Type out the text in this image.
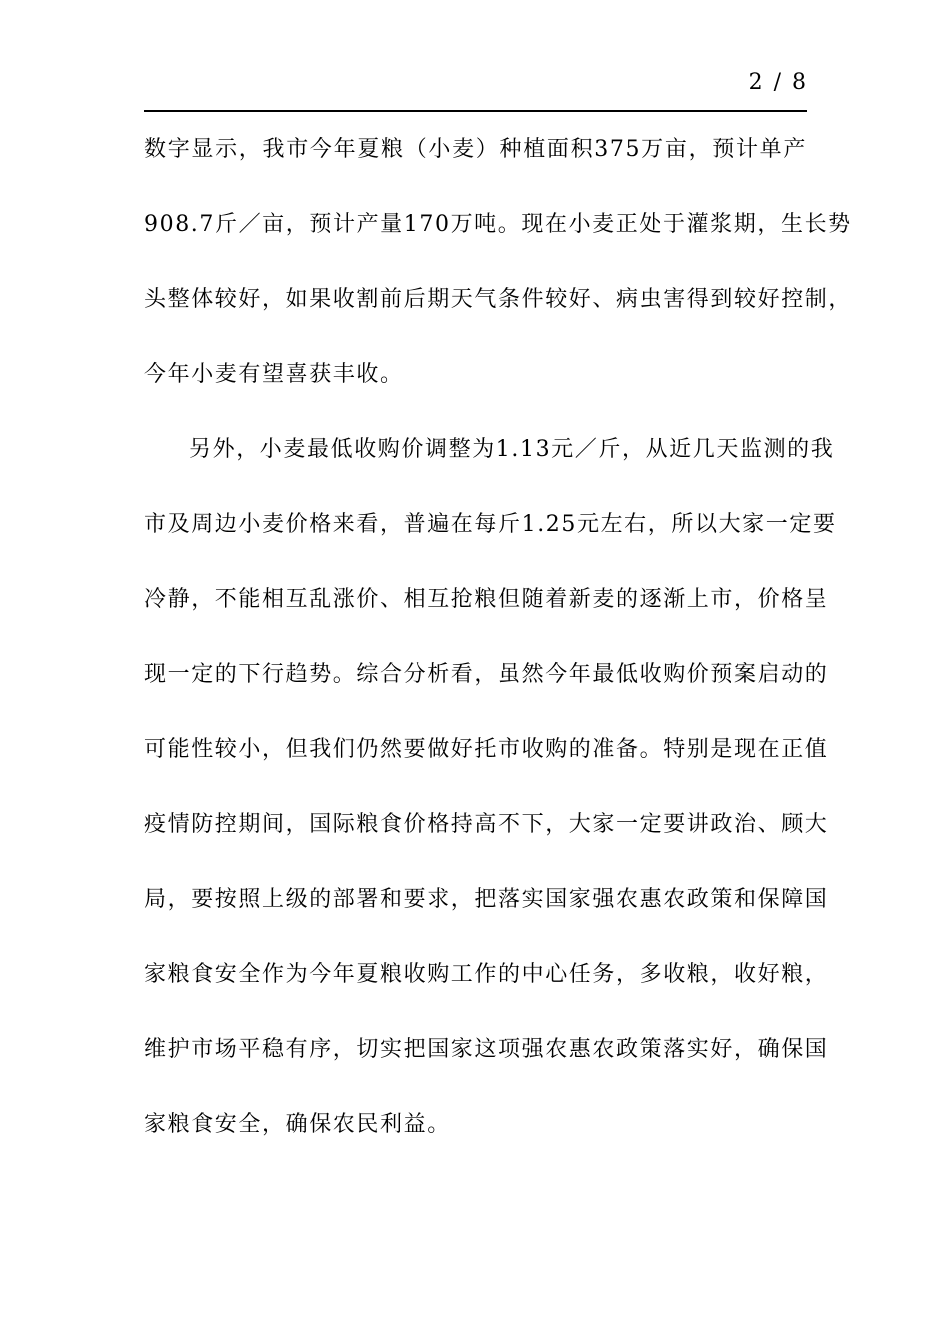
2 / 8
数字显示，我市今年夏粮（小麦）种植面积375万亩，预计单产
908.7斤／亩，预计产量170万吨。现在小麦正处于灌浆期，生长势
头整体较好，如果收割前后期天气条件较好、病虫害得到较好控制，
今年小麦有望喜获丰收。
另外，小麦最低收购价调整为1.13元／斤，从近几天监测的我
市及周边小麦价格来看，普遍在每斤1.25元左右，所以大家一定要
冷静，不能相互乱涨价、相互抢粮但随着新麦的逐渐上市，价格呈
现一定的下行趋势。综合分析看，虽然今年最低收购价预案启动的
可能性较小，但我们仍然要做好托市收购的准备。特别是现在正值
疫情防控期间，国际粮食价格持高不下，大家一定要讲政治、顾大
局，要按照上级的部署和要求，把落实国家强农惠农政策和保障国
家粮食安全作为今年夏粮收购工作的中心任务，多收粮，收好粮，
维护市场平稳有序，切实把国家这项强农惠农政策落实好，确保国
家粮食安全，确保农民利益。
